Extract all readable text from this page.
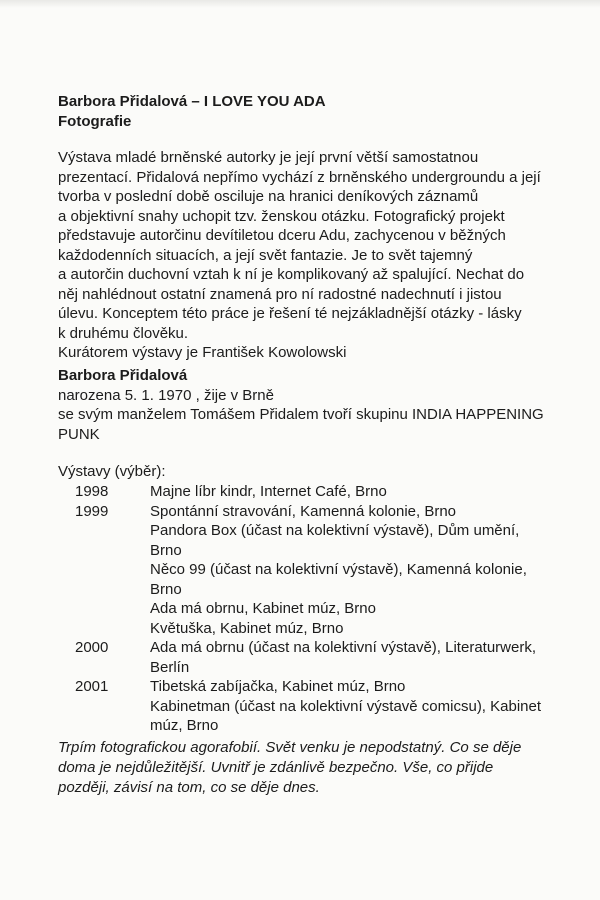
Barbora Přidalová – I LOVE YOU ADA
Fotografie
Výstava mladé brněnské autorky je její první větší samostatnou
prezentací. Přidalová nepřímo vychází z brněnského undergroundu a její
tvorba v poslední době osciluje na hranici deníkových záznamů
a objektivní snahy uchopit tzv. ženskou otázku. Fotografický projekt
představuje autorčinu devítiletou dceru Adu, zachycenou v běžných
každodenních situacích, a její svět fantazie. Je to svět tajemný
a autorčin duchovní vztah k ní je komplikovaný až spalující. Nechat do
něj nahlédnout ostatní znamená pro ní radostné nadechnutí i jistou
úlevu. Konceptem této práce je řešení té nejzákladnější otázky - lásky
k druhému člověku.
Kurátorem výstavy je František Kowolowski
Barbora Přidalová
narozena 5. 1. 1970 , žije v Brně
se svým manželem Tomášem Přidalem tvoří skupinu INDIA HAPPENING
PUNK
Výstavy (výběr):
1998	Majne líbr kindr, Internet Café, Brno
1999	Spontánní stravování, Kamenná kolonie, Brno
Pandora Box (účast na kolektivní výstavě), Dům umění,
Brno
Něco 99 (účast na kolektivní výstavě), Kamenná kolonie,
Brno
Ada má obrnu, Kabinet múz, Brno
Květuška, Kabinet múz, Brno
2000	Ada má obrnu (účast na kolektivní výstavě), Literaturwerk,
Berlín
2001	Tibetská zabíjačka, Kabinet múz, Brno
Kabinetman (účast na kolektivní výstavě comicsu), Kabinet
múz, Brno
Trpím fotografickou agorafobií. Svět venku je nepodstatný. Co se děje
doma je nejdůležitější. Uvnitř je zdánlivě bezpečno. Vše, co přijde
později, závisí na tom, co se děje dnes.
